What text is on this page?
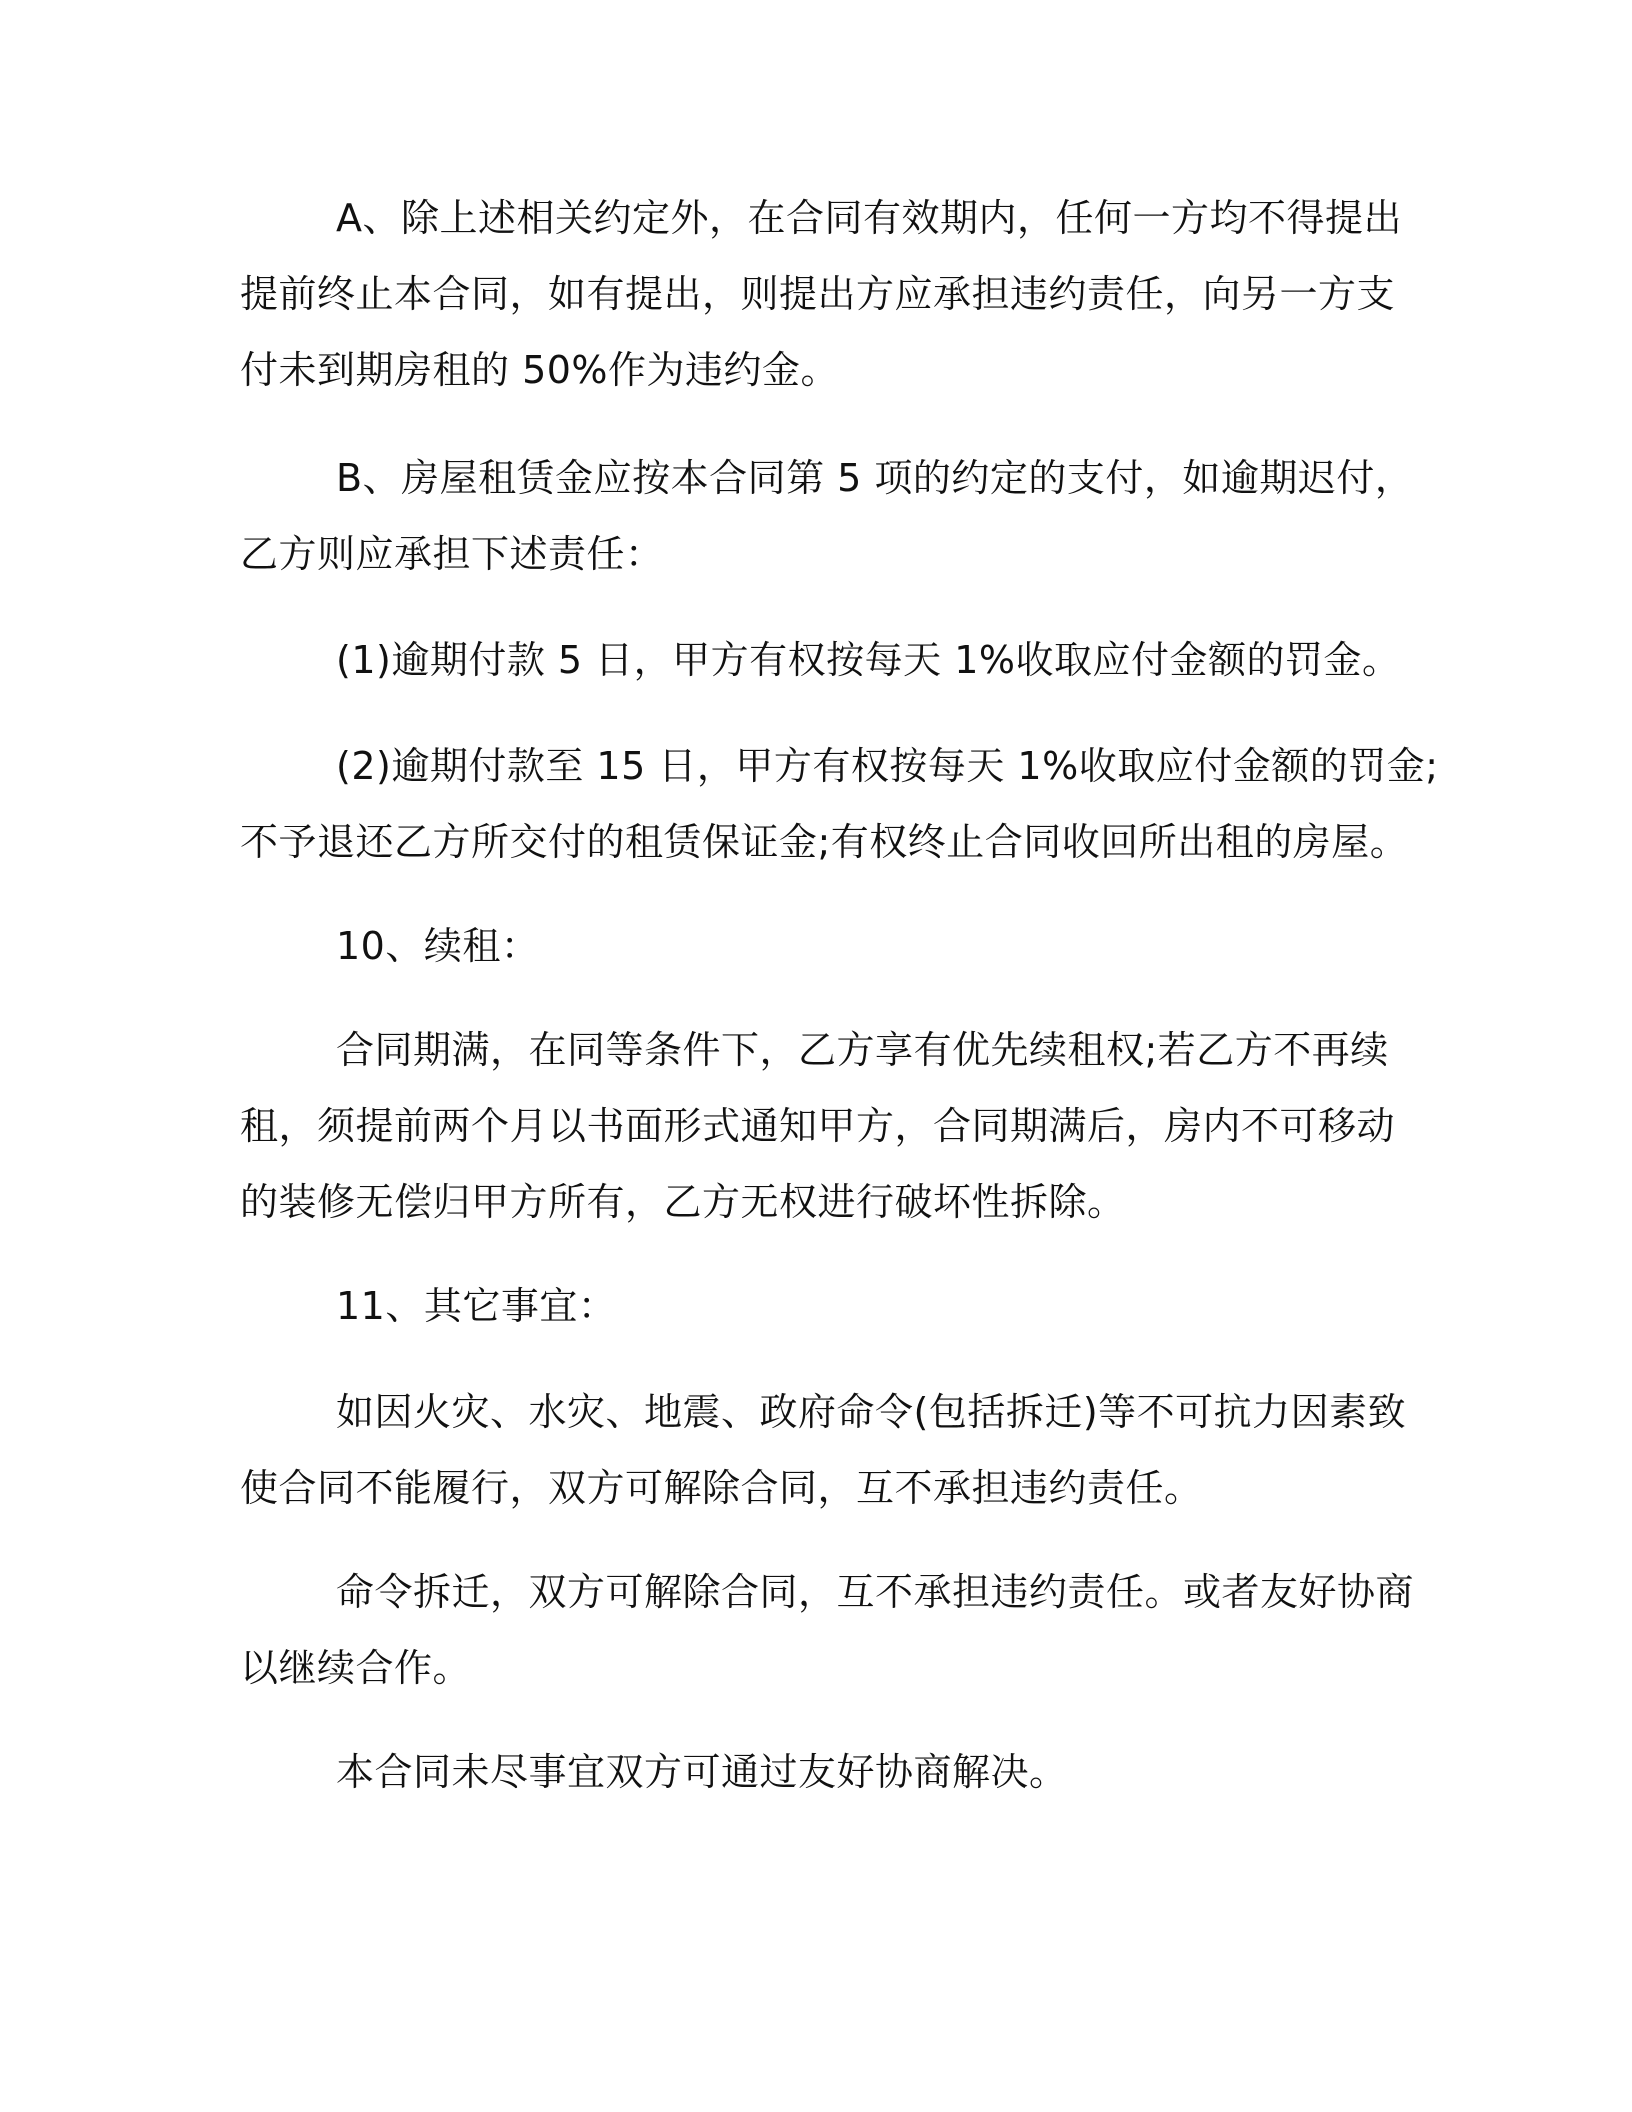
A、除上述相关约定外，在合同有效期内，任何一方均不得提出
提前终止本合同，如有提出，则提出方应承担违约责任，向另一方支
付未到期房租的 50%作为违约金。
B、房屋租赁金应按本合同第 5 项的约定的支付，如逾期迟付，
乙方则应承担下述责任：
(1)逾期付款 5 日，甲方有权按每天 1%收取应付金额的罚金。
(2)逾期付款至 15 日，甲方有权按每天 1%收取应付金额的罚金;
不予退还乙方所交付的租赁保证金;有权终止合同收回所出租的房屋。
10、续租：
合同期满，在同等条件下，乙方享有优先续租权;若乙方不再续
租，须提前两个月以书面形式通知甲方，合同期满后，房内不可移动
的装修无偿归甲方所有，乙方无权进行破坏性拆除。
11、其它事宜：
如因火灾、水灾、地震、政府命令(包括拆迁)等不可抗力因素致
使合同不能履行，双方可解除合同，互不承担违约责任。
命令拆迁，双方可解除合同，互不承担违约责任。或者友好协商
以继续合作。
本合同未尽事宜双方可通过友好协商解决。
